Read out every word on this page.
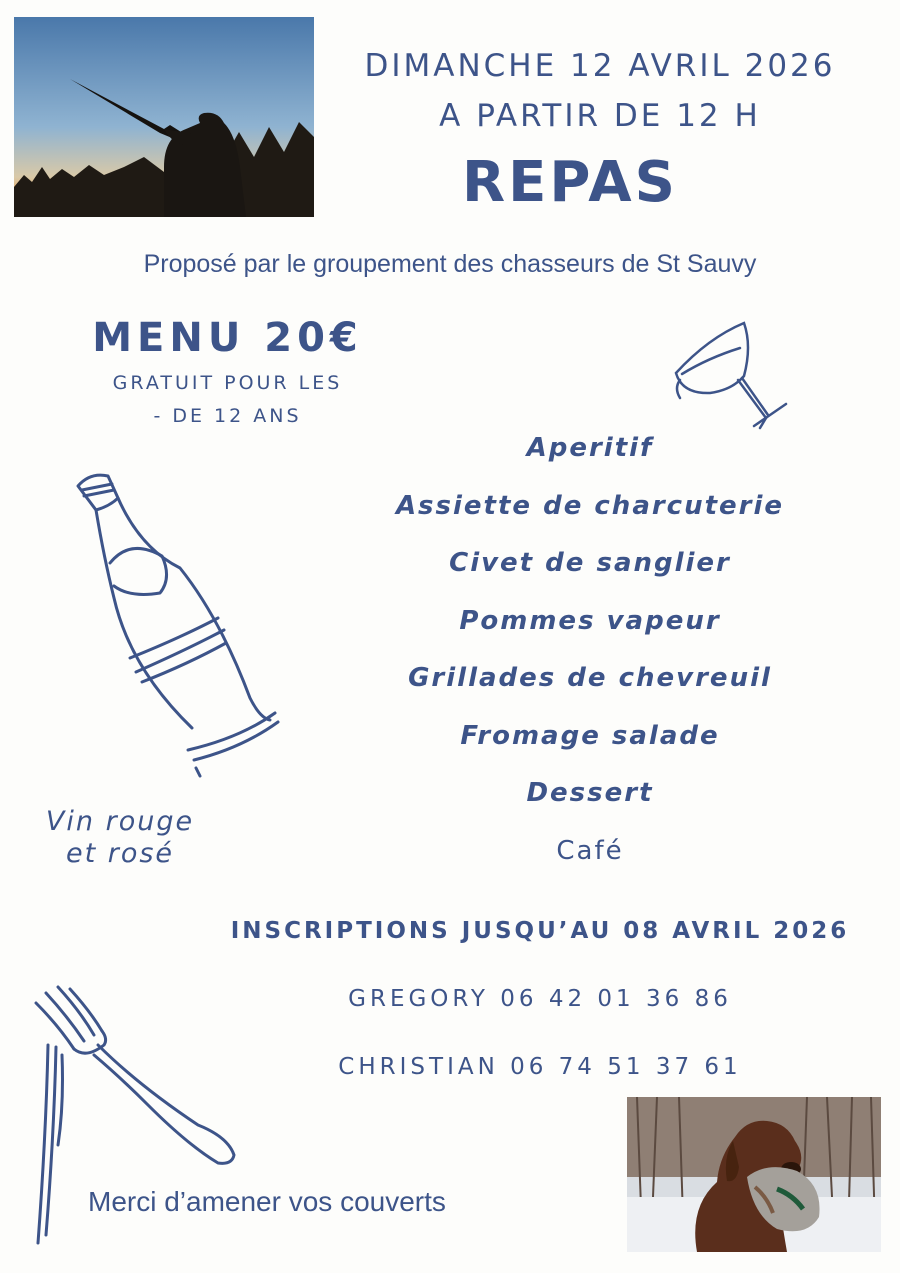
DIMANCHE 12 AVRIL 2026
A PARTIR DE 12 H
REPAS
Proposé par le groupement des chasseurs de St Sauvy
MENU 20€
GRATUIT POUR LES
- DE 12 ANS
Aperitif
Assiette de charcuterie
Civet de sanglier
Pommes vapeur
Grillades de chevreuil
Fromage salade
Dessert
Café
Vin rouge
et rosé
INSCRIPTIONS JUSQU’AU 08 AVRIL 2026
GREGORY 06 42 01 36 86
CHRISTIAN 06 74 51 37 61
Merci d’amener vos couverts
